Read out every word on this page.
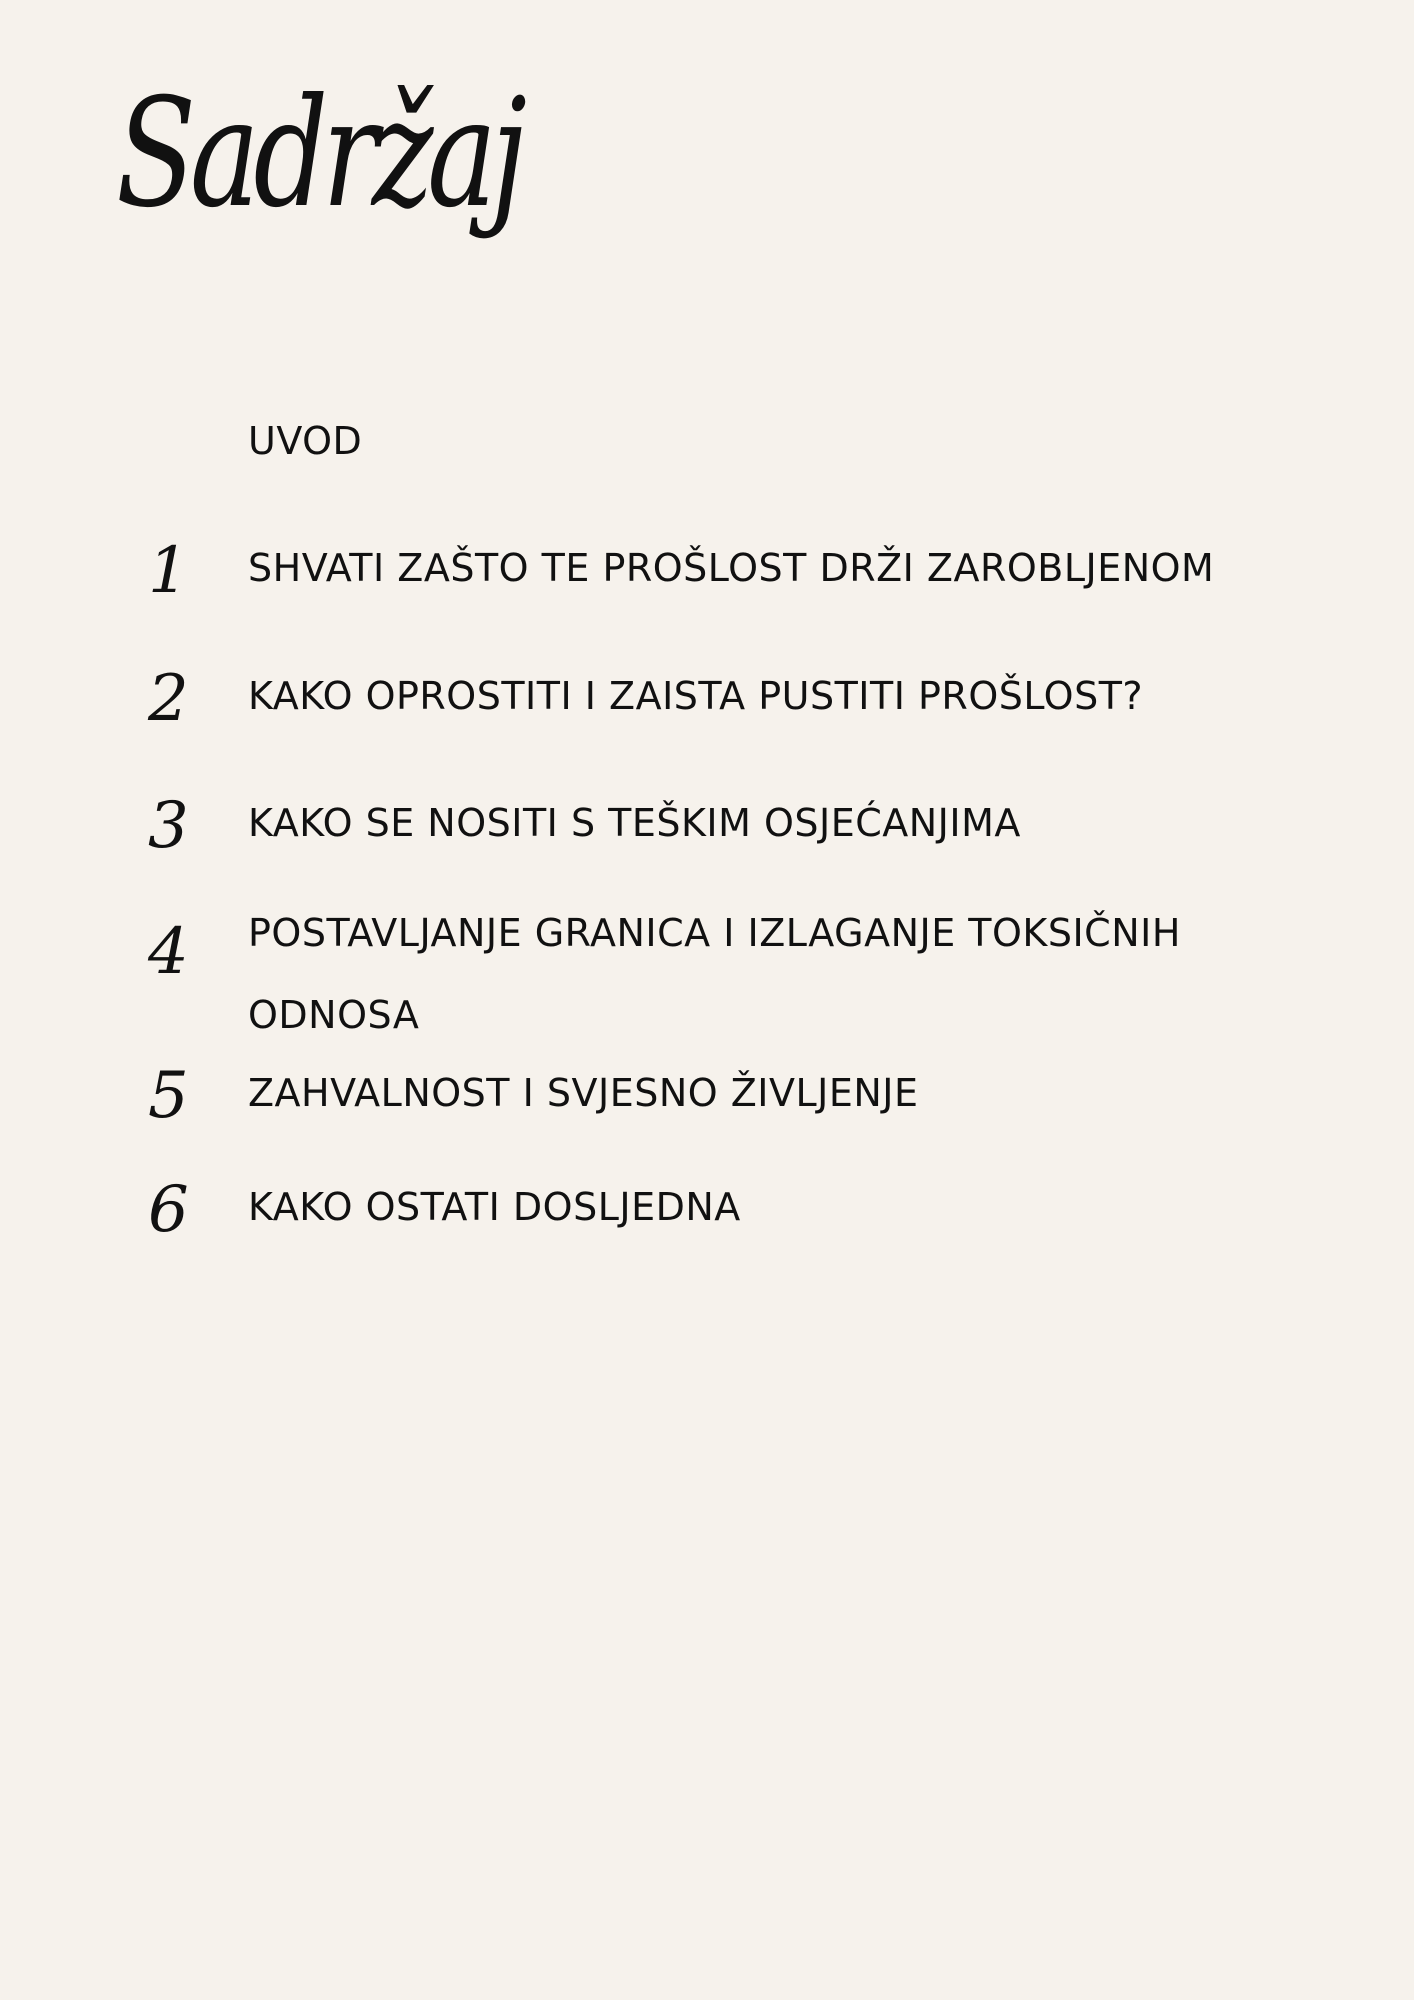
Sadržaj
UVOD
1 SHVATI ZAŠTO TE PROŠLOST DRŽI ZAROBLJENOM
2 KAKO OPROSTITI I ZAISTA PUSTITI PROŠLOST?
3 KAKO SE NOSITI S TEŠKIM OSJEĆANJIMA
4 POSTAVLJANJE GRANICA I IZLAGANJE TOKSIČNIH ODNOSA
5 ZAHVALNOST I SVJESNO ŽIVLJENJE
6 KAKO OSTATI DOSLJEDNA
